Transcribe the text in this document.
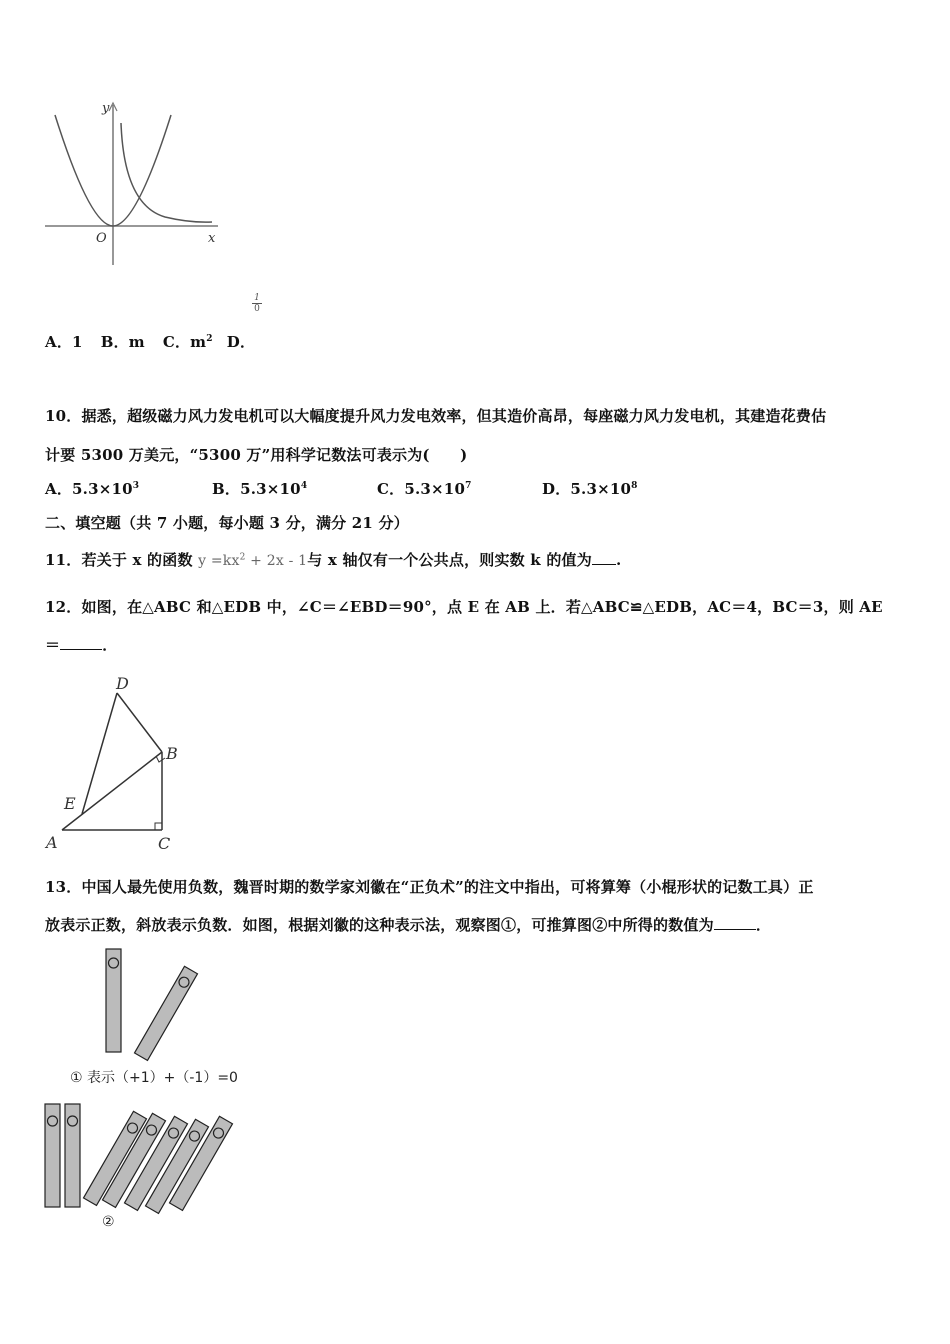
y
x
O
1
0
A．1 B．m C．$m^2$ D．
10．据悉，超级磁力风力发电机可以大幅度提升风力发电效率，但其造价高昂，每座磁力风力发电机，其建造花费估
计要 5300 万美元，“5300 万”用科学记数法可表示为(　　)
A．$5.3\times 10^3$	B．$5.3\times 10^4$	C．$5.3\times 10^7$	D．$5.3\times 10^8$
二、填空题（共 7 小题，每小题 3 分，满分 21 分）
11．若关于 x 的函数 $y =kx^2 + 2x - 1$与 x 轴仅有一个公共点，则实数 k 的值为 .
12．如图，在△ABC 和△EDB 中，∠C＝∠EBD＝90°，点 E 在 AB 上．若△ABC≌△EDB，AC＝4，BC＝3，则 AE
＝	．
D
B
E
A	C
13．中国人最先使用负数，魏晋时期的数学家刘徽在“正负术”的注文中指出，可将算筹（小棍形状的记数工具）正
放表示正数，斜放表示负数．如图，根据刘徽的这种表示法，观察图①，可推算图②中所得的数值为	．
① 表示（+1）+（-1）=0
②
